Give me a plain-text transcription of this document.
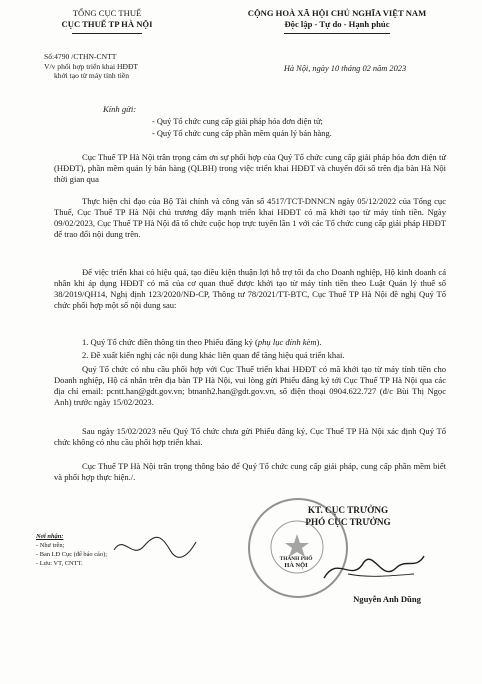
TỔNG CỤC THUẾ
CỤC THUẾ TP HÀ NỘI
CỘNG HOÀ XÃ HỘI CHỦ NGHĨA VIỆT NAM
Độc lập - Tự do - Hạnh phúc
Số:4790 /CTHN-CNTT
V/v phối hợp triển khai HĐĐT
khởi tạo từ máy tính tiền
Hà Nội, ngày 10 tháng 02 năm 2023
Kính gửi:
- Quý Tổ chức cung cấp giải pháp hóa đơn điện tử;
- Quý Tổ chức cung cấp phần mềm quản lý bán hàng.
Cục Thuế TP Hà Nội trân trọng cảm ơn sự phối hợp của Quý Tổ chức cung cấp giải pháp hóa đơn điện tử (HĐĐT), phần mềm quản lý bán hàng (QLBH) trong việc triển khai HĐĐT và chuyển đổi số trên địa bàn Hà Nội thời gian qua
Thực hiện chỉ đạo của Bộ Tài chính và công văn số 4517/TCT-DNNCN ngày 05/12/2022 của Tổng cục Thuế, Cục Thuế TP Hà Nội chủ trương đẩy mạnh triển khai HĐĐT có mã khởi tạo từ máy tính tiền. Ngày 09/02/2023, Cục Thuế TP Hà Nội đã tổ chức cuộc họp trực tuyến lần 1 với các Tổ chức cung cấp giải pháp HĐĐT để trao đổi nội dung trên.
Để việc triển khai có hiệu quả, tạo điều kiện thuận lợi hỗ trợ tối đa cho Doanh nghiệp, Hộ kinh doanh cá nhân khi áp dụng HĐĐT có mã của cơ quan thuế được khởi tạo từ máy tính tiền theo Luật Quản lý thuế số 38/2019/QH14, Nghị định 123/2020/NĐ-CP, Thông tư 78/2021/TT-BTC, Cục Thuế TP Hà Nội đề nghị Quý Tổ chức phối hợp một số nội dung sau:
1. Quý Tổ chức điền thông tin theo Phiếu đăng ký (phụ lục đính kèm).
2. Đề xuất kiến nghị các nội dung khác liên quan để tăng hiệu quả triển khai.
Quý Tổ chức có nhu cầu phối hợp với Cục Thuế triển khai HĐĐT có mã khởi tạo từ máy tính tiền cho Doanh nghiệp, Hộ cá nhân trên địa bàn TP Hà Nội, vui lòng gửi Phiếu đăng ký tới Cục Thuế TP Hà Nội qua các địa chỉ email: pcntt.han@gdt.gov.vn; btnanh2.han@gdt.gov.vn, số điện thoại 0904.622.727 (đ/c Bùi Thị Ngọc Anh) trước ngày 15/02/2023.
Sau ngày 15/02/2023 nếu Quý Tổ chức chưa gửi Phiếu đăng ký, Cục Thuế TP Hà Nội xác định Quý Tổ chức không có nhu cầu phối hợp triển khai.
Cục Thuế TP Hà Nội trân trọng thông báo để Quý Tổ chức cung cấp giải pháp, cung cấp phần mềm biết và phối hợp thực hiện./.
Nơi nhận:
- Như trên;
- Ban LĐ Cục (để báo cáo);
- Lưu: VT, CNTT.
THÀNH PHỐ
HÀ NỘI
KT. CỤC TRƯỞNG
PHÓ CỤC TRƯỞNG
Nguyễn Anh Dũng
